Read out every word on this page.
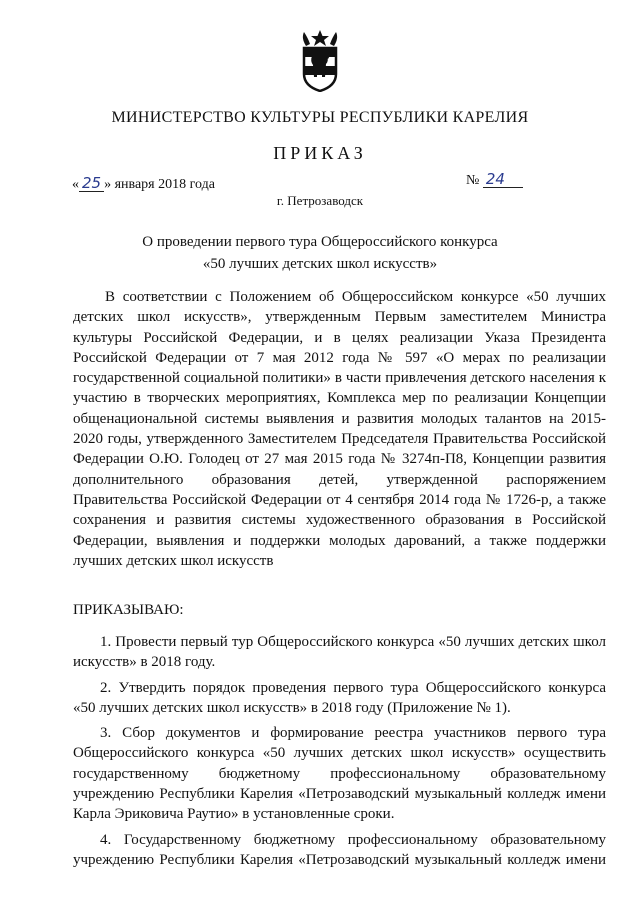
МИНИСТЕРСТВО КУЛЬТУРЫ РЕСПУБЛИКИ КАРЕЛИЯ
ПРИКАЗ
« 25 » января 2018 года	№ 24
г. Петрозаводск
О проведении первого тура Общероссийского конкурса
«50 лучших детских школ искусств»
В соответствии с Положением об Общероссийском конкурсе «50 лучших детских школ искусств», утвержденным Первым заместителем Министра культуры Российской Федерации, и в целях реализации Указа Президента Российской Федерации от 7 мая 2012 года № 597 «О мерах по реализации государственной социальной политики» в части привлечения детского населения к участию в творческих мероприятиях, Комплекса мер по реализации Концепции общенациональной системы выявления и развития молодых талантов на 2015- 2020 годы, утвержденного Заместителем Председателя Правительства Российской Федерации О.Ю. Голодец от 27 мая 2015 года № 3274п-П8, Концепции развития дополнительного образования детей, утвержденной распоряжением Правительства Российской Федерации от 4 сентября 2014 года № 1726-р, а также сохранения и развития системы художественного образования в Российской Федерации, выявления и поддержки молодых дарований, а также поддержки лучших детских школ искусств
ПРИКАЗЫВАЮ:

1. Провести первый тур Общероссийского конкурса «50 лучших детских школ искусств» в 2018 году.

2. Утвердить порядок проведения первого тура Общероссийского конкурса «50 лучших детских школ искусств» в 2018 году (Приложение № 1).

3. Сбор документов и формирование реестра участников первого тура Общероссийского конкурса «50 лучших детских школ искусств» осуществить государственному бюджетному профессиональному образовательному учреждению Республики Карелия «Петрозаводский музыкальный колледж имени Карла Эриковича Раутио» в установленные сроки.

4. Государственному бюджетному профессиональному образовательному учреждению Республики Карелия «Петрозаводский музыкальный колледж имени
